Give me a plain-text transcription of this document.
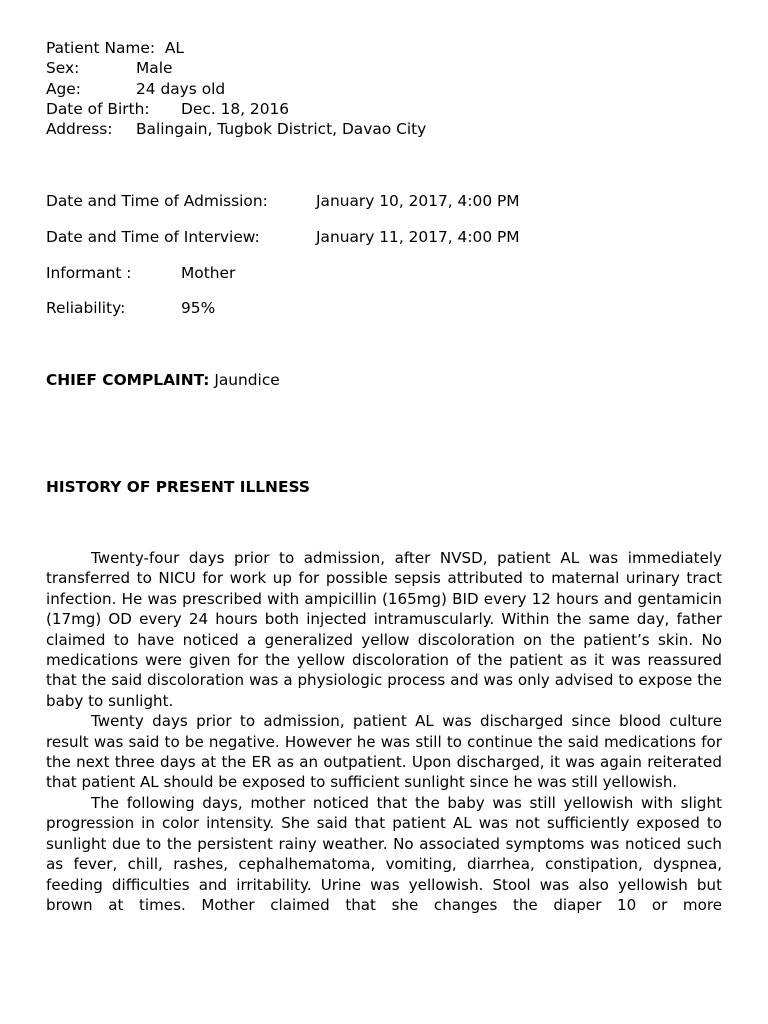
Patient Name: AL
Sex:	Male
Age:	24 days old
Date of Birth: Dec. 18, 2016
Address: Balingain, Tugbok District, Davao City
Date and Time of Admission:	January 10, 2017, 4:00 PM
Date and Time of Interview:	January 11, 2017, 4:00 PM
Informant :	Mother
Reliability:	95%
CHIEF COMPLAINT: Jaundice
HISTORY OF PRESENT ILLNESS

Twenty-four days prior to admission, after NVSD, patient AL was immediately transferred to NICU for work up for possible sepsis attributed to maternal urinary tract infection. He was prescribed with ampicillin (165mg) BID every 12 hours and gentamicin (17mg) OD every 24 hours both injected intramuscularly. Within the same day, father claimed to have noticed a generalized yellow discoloration on the patient’s skin. No medications were given for the yellow discoloration of the patient as it was reassured that the said discoloration was a physiologic process and was only advised to expose the baby to sunlight.

Twenty days prior to admission, patient AL was discharged since blood culture result was said to be negative. However he was still to continue the said medications for the next three days at the ER as an outpatient. Upon discharged, it was again reiterated that patient AL should be exposed to sufficient sunlight since he was still yellowish.

The following days, mother noticed that the baby was still yellowish with slight progression in color intensity. She said that patient AL was not sufficiently exposed to sunlight due to the persistent rainy weather. No associated symptoms was noticed such as fever, chill, rashes, cephalhematoma, vomiting, diarrhea, constipation, dyspnea, feeding difficulties and irritability. Urine was yellowish. Stool was also yellowish but brown at times. Mother claimed that she changes the diaper 10 or more
